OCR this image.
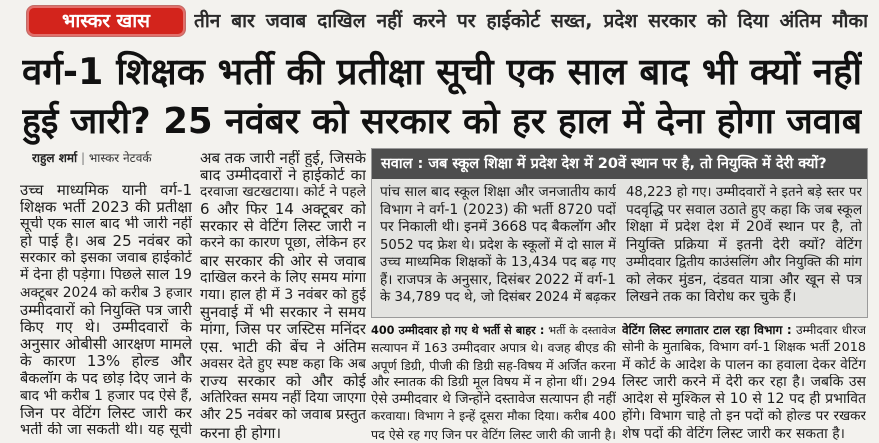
भास्कर खास	तीन बार जवाब दाखिल नहीं करने पर हाईकोर्ट सख्त, प्रदेश सरकार को दिया अंतिम मौका
वर्ग-1 शिक्षक भर्ती की प्रतीक्षा सूची एक साल बाद भी क्यों नहीं
हुई जारी? 25 नवंबर को सरकार को हर हाल में देना होगा जवाब
राहुल शर्मा | भास्कर नेटवर्क
उच्च माध्यमिक यानी वर्ग-1
शिक्षक भर्ती 2023 की प्रतीक्षा
सूची एक साल बाद भी जारी नहीं
हो पाई है। अब 25 नवंबर को
सरकार को इसका जवाब हाईकोर्ट
में देना ही पड़ेगा। पिछले साल 19
अक्टूबर 2024 को करीब 3 हजार
उम्मीदवारों को नियुक्ति पत्र जारी
किए गए थे। उम्मीदवारों के
अनुसार ओबीसी आरक्षण मामले
के कारण 13% होल्ड और
बैकलॉग के पद छोड़ दिए जाने के
बाद भी करीब 1 हजार पद ऐसे हैं,
जिन पर वेटिंग लिस्ट जारी कर
भर्ती की जा सकती थी। यह सूची
अब तक जारी नहीं हुई, जिसके
बाद उम्मीदवारों ने हाईकोर्ट का
दरवाजा खटखटाया। कोर्ट ने पहले
6 और फिर 14 अक्टूबर को
सरकार से वेटिंग लिस्ट जारी न
करने का कारण पूछा, लेकिन हर
बार सरकार की ओर से जवाब
दाखिल करने के लिए समय मांगा
गया। हाल ही में 3 नवंबर को हुई
सुनवाई में भी सरकार ने समय
मांगा, जिस पर जस्टिस मनिंदर
एस. भाटी की बेंच ने अंतिम
अवसर देते हुए स्पष्ट कहा कि अब
राज्य सरकार को और कोई
अतिरिक्त समय नहीं दिया जाएगा
और 25 नवंबर को जवाब प्रस्तुत
करना ही होगा।
सवाल : जब स्कूल शिक्षा में प्रदेश देश में 20वें स्थान पर है, तो नियुक्ति में देरी क्यों?
पांच साल बाद स्कूल शिक्षा और जनजातीय कार्य
विभाग ने वर्ग-1 (2023) की भर्ती 8720 पदों
पर निकाली थी। इनमें 3668 पद बैकलॉग और
5052 पद फ्रेश थे। प्रदेश के स्कूलों में दो साल में
उच्च माध्यमिक शिक्षकों के 13,434 पद बढ़ गए
हैं। राजपत्र के अनुसार, दिसंबर 2022 में वर्ग-1
के 34,789 पद थे, जो दिसंबर 2024 में बढ़कर
48,223 हो गए। उम्मीदवारों ने इतने बड़े स्तर पर
पदवृद्धि पर सवाल उठाते हुए कहा कि जब स्कूल
शिक्षा में प्रदेश देश में 20वें स्थान पर है, तो
नियुक्ति प्रक्रिया में इतनी देरी क्यों? वेटिंग
उम्मीदवार द्वितीय काउंसलिंग और नियुक्ति की मांग
को लेकर मुंडन, दंडवत यात्रा और खून से पत्र
लिखने तक का विरोध कर चुके हैं।
400 उम्मीदवार हो गए थे भर्ती से बाहर : भर्ती के दस्तावेज
सत्यापन में 163 उम्मीदवार अपात्र थे। वजह बीएड की
अपूर्ण डिग्री, पीजी की डिग्री सह-विषय में अर्जित करना
और स्नातक की डिग्री मूल विषय में न होना थीं। 294
ऐसे उम्मीदवार थे जिन्होंने दस्तावेज सत्यापन ही नहीं
करवाया। विभाग ने इन्हें दूसरा मौका दिया। करीब 400
पद ऐसे रह गए जिन पर वेटिंग लिस्ट जारी की जानी है।
वेटिंग लिस्ट लगातार टाल रहा विभाग : उम्मीदवार धीरज
सोनी के मुताबिक, विभाग वर्ग-1 शिक्षक भर्ती 2018
में कोर्ट के आदेश के पालन का हवाला देकर वेटिंग
लिस्ट जारी करने में देरी कर रहा है। जबकि उस
आदेश से मुश्किल से 10 से 12 पद ही प्रभावित
होंगे। विभाग चाहे तो इन पदों को होल्ड पर रखकर
शेष पदों की वेटिंग लिस्ट जारी कर सकता है।
